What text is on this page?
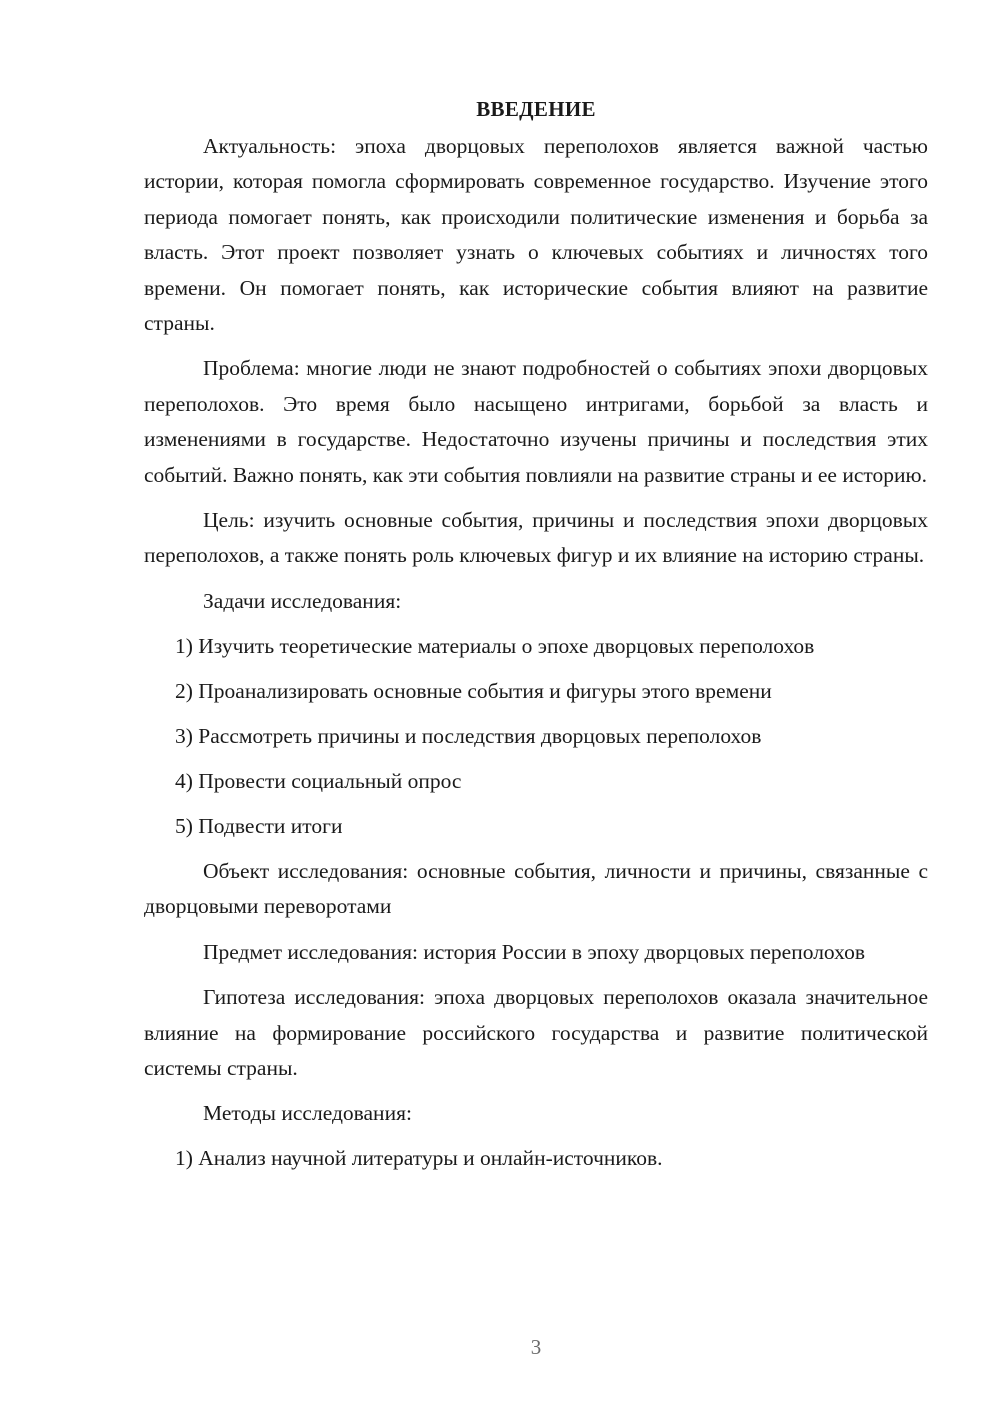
ВВЕДЕНИЕ

Актуальность: эпоха дворцовых переполохов является важной частью истории, которая помогла сформировать современное государство. Изучение этого периода помогает понять, как происходили политические изменения и борьба за власть. Этот проект позволяет узнать о ключевых событиях и личностях того времени. Он помогает понять, как исторические события влияют на развитие страны.

Проблема: многие люди не знают подробностей о событиях эпохи дворцовых переполохов. Это время было насыщено интригами, борьбой за власть и изменениями в государстве. Недостаточно изучены причины и последствия этих событий. Важно понять, как эти события повлияли на развитие страны и ее историю.

Цель: изучить основные события, причины и последствия эпохи дворцовых переполохов, а также понять роль ключевых фигур и их влияние на историю страны.

Задачи исследования:
1) Изучить теоретические материалы о эпохе дворцовых переполохов
2) Проанализировать основные события и фигуры этого времени
3) Рассмотреть причины и последствия дворцовых переполохов
4) Провести социальный опрос
5) Подвести итоги

Объект исследования: основные события, личности и причины, связанные с дворцовыми переворотами

Предмет исследования: история России в эпоху дворцовых переполохов

Гипотеза исследования: эпоха дворцовых переполохов оказала значительное влияние на формирование российского государства и развитие политической системы страны.

Методы исследования:
1) Анализ научной литературы и онлайн-источников.
3
